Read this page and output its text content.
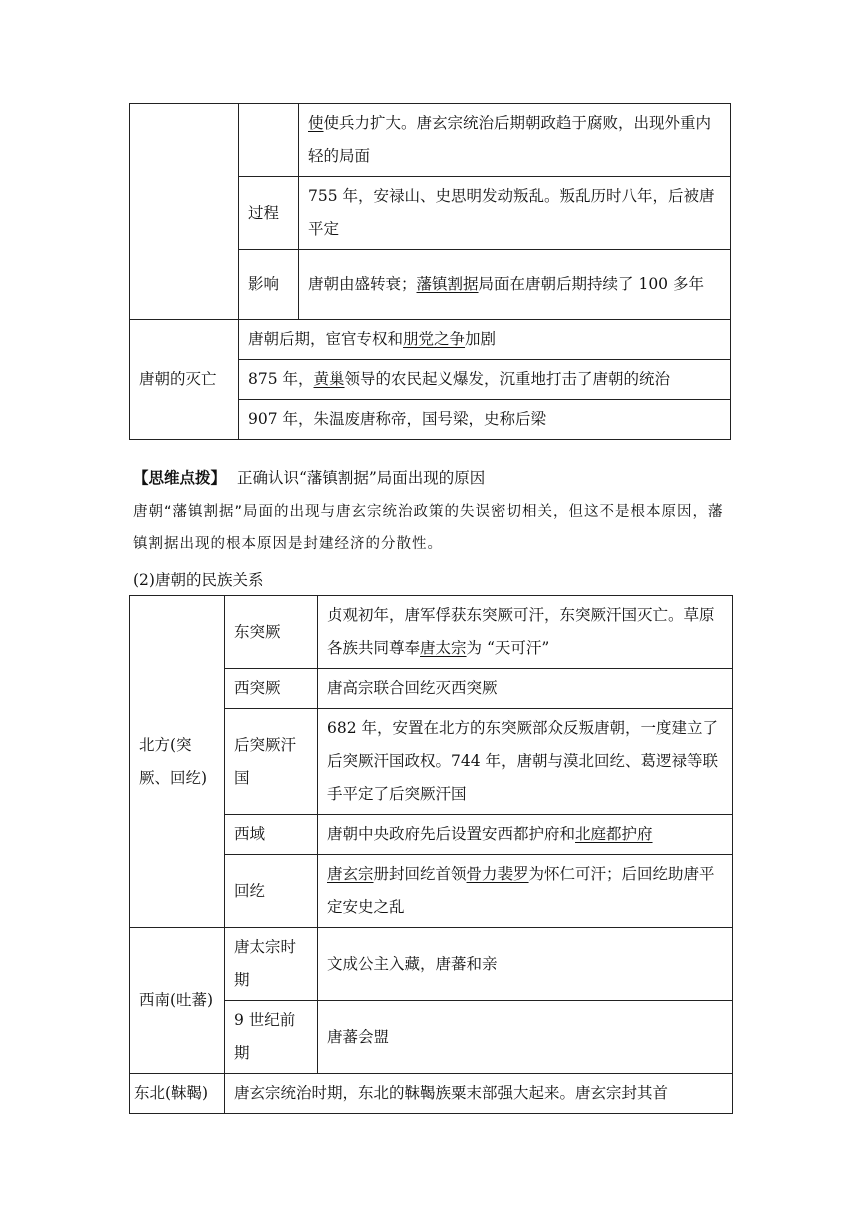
		使使兵力扩大。唐玄宗统治后期朝政趋于腐败，出现外重内轻的局面
	过程	755 年，安禄山、史思明发动叛乱。叛乱历时八年，后被唐平定
	影响	唐朝由盛转衰；藩镇割据局面在唐朝后期持续了 100 多年
唐朝的灭亡	唐朝后期，宦官专权和朋党之争加剧	
	875 年，黄巢领导的农民起义爆发，沉重地打击了唐朝的统治	
	907 年，朱温废唐称帝，国号梁，史称后梁	
【思维点拨】 正确认识“藩镇割据”局面出现的原因
唐朝“藩镇割据”局面的出现与唐玄宗统治政策的失误密切相关，但这不是根本原因，藩镇割据出现的根本原因是封建经济的分散性。
(2)唐朝的民族关系
北方(突厥、回纥)	东突厥	贞观初年，唐军俘获东突厥可汗，东突厥汗国灭亡。草原各族共同尊奉唐太宗为 “天可汗”
	西突厥	唐高宗联合回纥灭西突厥
	后突厥汗国	682 年，安置在北方的东突厥部众反叛唐朝，一度建立了后突厥汗国政权。744 年，唐朝与漠北回纥、葛逻禄等联手平定了后突厥汗国
	西域	唐朝中央政府先后设置安西都护府和北庭都护府
	回纥	唐玄宗册封回纥首领骨力裴罗为怀仁可汗；后回纥助唐平定安史之乱
西南(吐蕃)	唐太宗时期	文成公主入藏，唐蕃和亲
	9 世纪前期	唐蕃会盟
东北(靺鞨)	唐玄宗统治时期，东北的靺鞨族粟末部强大起来。唐玄宗封其首	
